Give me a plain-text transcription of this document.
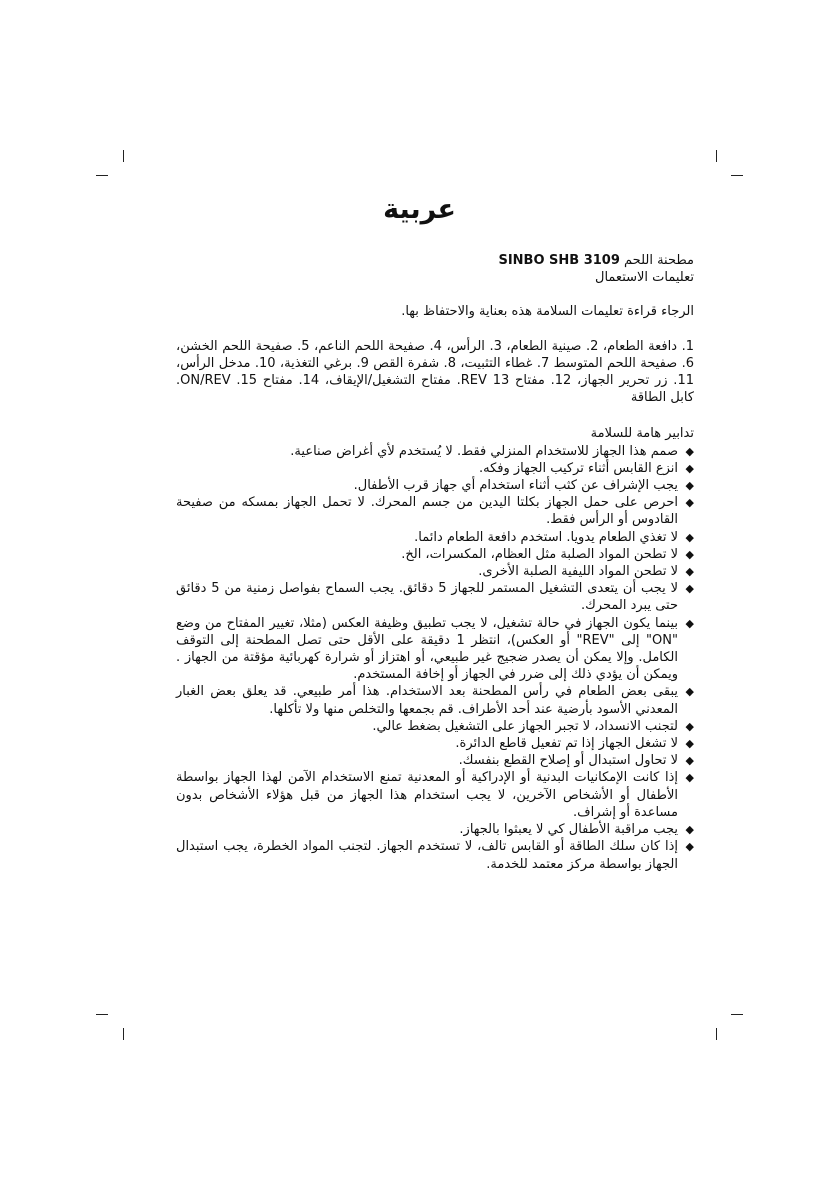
عربية

مطحنة اللحم SINBO SHB 3109

تعليمات الاستعمال

الرجاء قراءة تعليمات السلامة هذه بعناية والاحتفاظ بها.

1. دافعة الطعام، 2. صينية الطعام، 3. الرأس، 4. صفيحة اللحم الناعم، 5. صفيحة اللحم الخشن، 6. صفيحة اللحم المتوسط 7. غطاء التثبيت، 8. شفرة القص 9. برغي التغذية، 10. مدخل الرأس، 11. زر تحرير الجهاز، 12. مفتاح 13 REV. مفتاح التشغيل/الإيقاف، 14. مفتاح ON/REV .15. كابل الطاقة

تدابير هامة للسلامة

◆
صمم هذا الجهاز للاستخدام المنزلي فقط. لا يُستخدم لأي أغراض صناعية.
◆
انزع القابس أثناء تركيب الجهاز وفكه.
◆
يجب الإشراف عن كثب أثناء استخدام أي جهاز قرب الأطفال.
◆
احرص على حمل الجهاز بكلتا اليدين من جسم المحرك. لا تحمل الجهاز بمسكه من صفيحة القادوس أو الرأس فقط.
◆
لا تغذي الطعام يدويا. استخدم دافعة الطعام دائما.
◆
لا تطحن المواد الصلبة مثل العظام، المكسرات، الخ.
◆
لا تطحن المواد الليفية الصلبة الأخرى.
◆
لا يجب أن يتعدى التشغيل المستمر للجهاز 5 دقائق. يجب السماح بفواصل زمنية من 5 دقائق حتى يبرد المحرك.
◆
بينما يكون الجهاز في حالة تشغيل، لا يجب تطبيق وظيفة العكس (مثلا، تغيير المفتاح من وضع "ON" إلى "REV" أو العكس)، انتظر 1 دقيقة على الأقل حتى تصل المطحنة إلى التوقف الكامل. وإلا يمكن أن يصدر ضجيج غير طبيعي، أو اهتزاز أو شرارة كهربائية مؤقتة من الجهاز . ويمكن أن يؤدي ذلك إلى ضرر في الجهاز أو إخافة المستخدم.
◆
يبقى بعض الطعام في رأس المطحنة بعد الاستخدام. هذا أمر طبيعي. قد يعلق بعض الغبار المعدني الأسود بأرضية عند أحد الأطراف. قم بجمعها والتخلص منها ولا تأكلها.
◆
لتجنب الانسداد، لا تجبر الجهاز على التشغيل بضغط عالي.
◆
لا تشغل الجهاز إذا تم تفعيل قاطع الدائرة.
◆
لا تحاول استبدال أو إصلاح القطع بنفسك.
◆
إذا كانت الإمكانيات البدنية أو الإدراكية أو المعدنية تمنع الاستخدام الآمن لهذا الجهاز بواسطة الأطفال أو الأشخاص الآخرين، لا يجب استخدام هذا الجهاز من قبل هؤلاء الأشخاص بدون مساعدة أو إشراف.
◆
يجب مراقبة الأطفال كي لا يعبثوا بالجهاز.
◆
إذا كان سلك الطاقة أو القابس تالف، لا تستخدم الجهاز. لتجنب المواد الخطرة، يجب استبدال الجهاز بواسطة مركز معتمد للخدمة.
